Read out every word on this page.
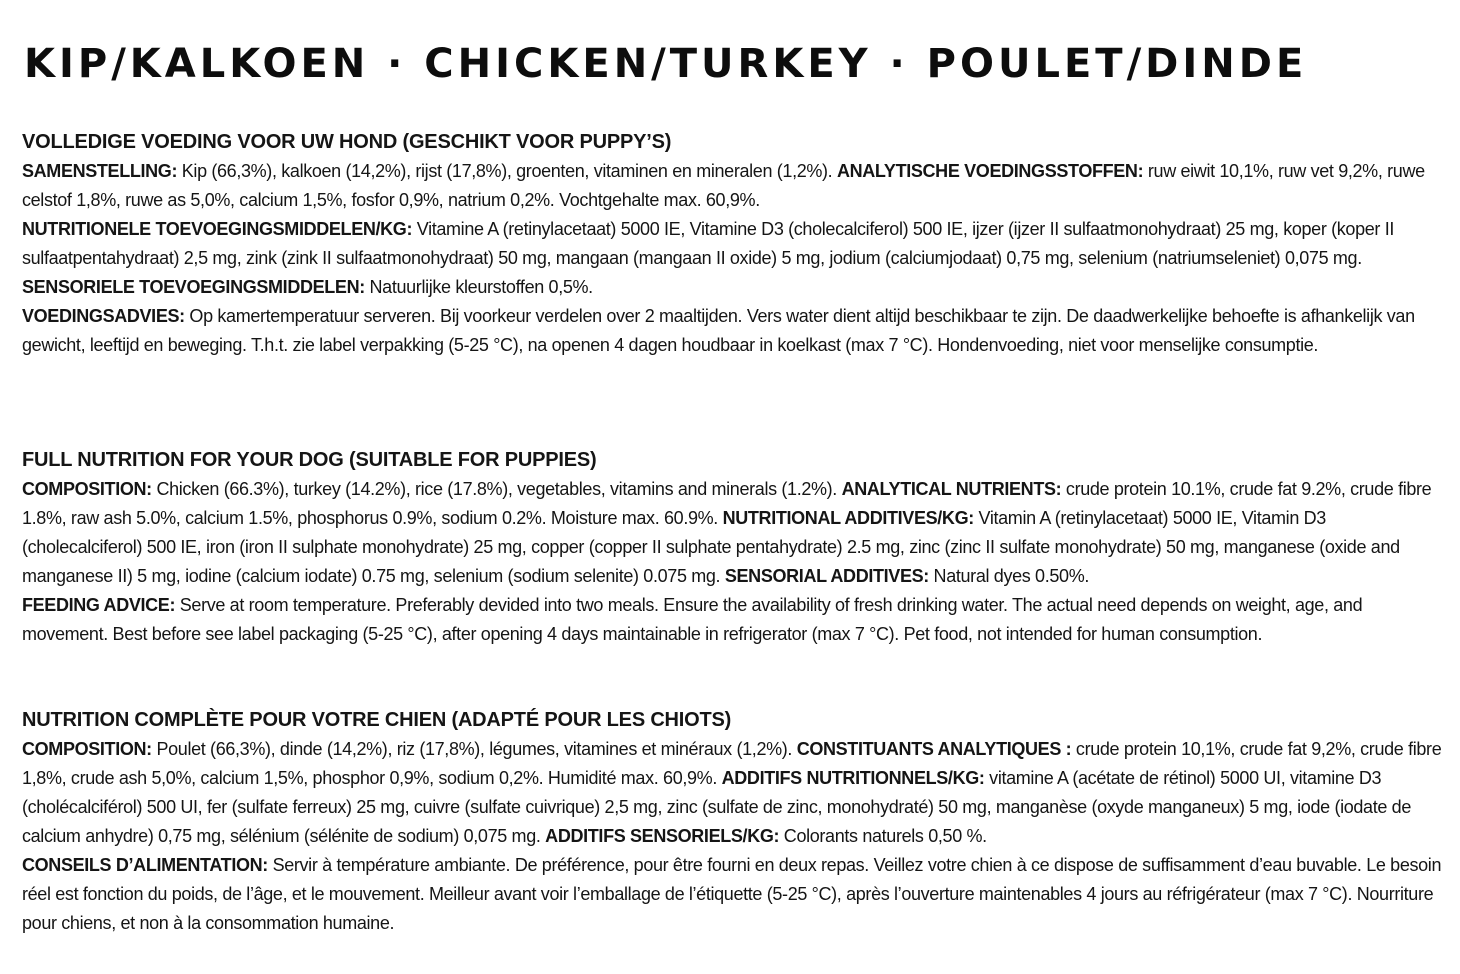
KIP/KALKOEN · CHICKEN/TURKEY · POULET/DINDE
VOLLEDIGE VOEDING VOOR UW HOND (GESCHIKT VOOR PUPPY’S)

SAMENSTELLING: Kip (66,3%), kalkoen (14,2%), rijst (17,8%), groenten, vitaminen en mineralen (1,2%). ANALYTISCHE VOEDINGSSTOFFEN: ruw eiwit 10,1%, ruw vet 9,2%, ruwe celstof 1,8%, ruwe as 5,0%, calcium 1,5%, fosfor 0,9%, natrium 0,2%. Vochtgehalte max. 60,9%.

NUTRITIONELE TOEVOEGINGSMIDDELEN/KG: Vitamine A (retinylacetaat) 5000 IE, Vitamine D3 (cholecalciferol) 500 IE, ijzer (ijzer II sulfaatmonohydraat) 25 mg, koper (koper II sulfaatpentahydraat) 2,5 mg, zink (zink II sulfaatmonohydraat) 50 mg, mangaan (mangaan II oxide) 5 mg, jodium (calciumjodaat) 0,75 mg, selenium (natriumseleniet) 0,075 mg.

SENSORIELE TOEVOEGINGSMIDDELEN: Natuurlijke kleurstoffen 0,5%.

VOEDINGSADVIES: Op kamertemperatuur serveren. Bij voorkeur verdelen over 2 maaltijden. Vers water dient altijd beschikbaar te zijn. De daadwerkelijke behoefte is afhankelijk van gewicht, leeftijd en beweging. T.h.t. zie label verpakking (5-25 °C), na openen 4 dagen houdbaar in koelkast (max 7 °C). Hondenvoeding, niet voor menselijke consumptie.

FULL NUTRITION FOR YOUR DOG (SUITABLE FOR PUPPIES)

COMPOSITION: Chicken (66.3%), turkey (14.2%), rice (17.8%), vegetables, vitamins and minerals (1.2%). ANALYTICAL NUTRIENTS: crude protein 10.1%, crude fat 9.2%, crude fibre 1.8%, raw ash 5.0%, calcium 1.5%, phosphorus 0.9%, sodium 0.2%. Moisture max. 60.9%. NUTRITIONAL ADDITIVES/KG: Vitamin A (retinylacetaat) 5000 IE, Vitamin D3 (cholecalciferol) 500 IE, iron (iron II sulphate monohydrate) 25 mg, copper (copper II sulphate pentahydrate) 2.5 mg, zinc (zinc II sulfate monohydrate) 50 mg, manganese (oxide and manganese II) 5 mg, iodine (calcium iodate) 0.75 mg, selenium (sodium selenite) 0.075 mg. SENSORIAL ADDITIVES: Natural dyes 0.50%.

FEEDING ADVICE: Serve at room temperature. Preferably devided into two meals. Ensure the availability of fresh drinking water. The actual need depends on weight, age, and movement. Best before see label packaging (5-25 °C), after opening 4 days maintainable in refrigerator (max 7 °C). Pet food, not intended for human consumption.

NUTRITION COMPLÈTE POUR VOTRE CHIEN (ADAPTÉ POUR LES CHIOTS)

COMPOSITION: Poulet (66,3%), dinde (14,2%), riz (17,8%), légumes, vitamines et minéraux (1,2%). CONSTITUANTS ANALYTIQUES : crude protein 10,1%, crude fat 9,2%, crude fibre 1,8%, crude ash 5,0%, calcium 1,5%, phosphor 0,9%, sodium 0,2%. Humidité max. 60,9%. ADDITIFS NUTRITIONNELS/KG: vitamine A (acétate de rétinol) 5000 UI, vitamine D3 (cholécalciférol) 500 UI, fer (sulfate ferreux) 25 mg, cuivre (sulfate cuivrique) 2,5 mg, zinc (sulfate de zinc, monohydraté) 50 mg, manganèse (oxyde manganeux) 5 mg, iode (iodate de calcium anhydre) 0,75 mg, sélénium (sélénite de sodium) 0,075 mg. ADDITIFS SENSORIELS/KG: Colorants naturels 0,50 %.

CONSEILS D’ALIMENTATION: Servir à température ambiante. De préférence, pour être fourni en deux repas. Veillez votre chien à ce dispose de suffisamment d’eau buvable. Le besoin réel est fonction du poids, de l’âge, et le mouvement. Meilleur avant voir l’emballage de l’étiquette (5-25 °C), après l’ouverture maintenables 4 jours au réfrigérateur (max 7 °C). Nourriture pour chiens, et non à la consommation humaine.
